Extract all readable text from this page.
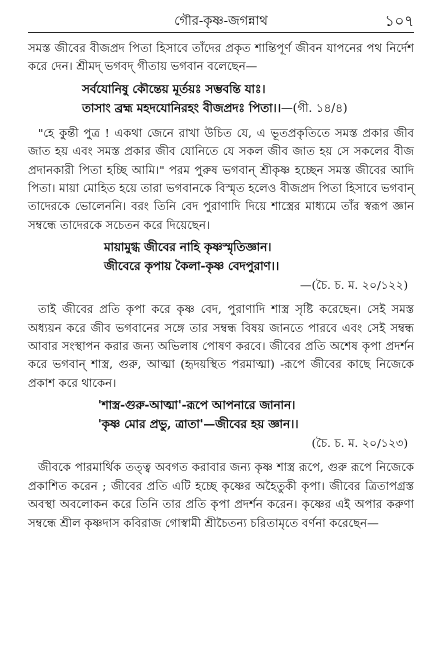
গৌর-কৃষ্ণ-জগন্নাথ	১০৭

সমস্ত জীবের বীজপ্রদ পিতা হিসাবে তাঁদের প্রকৃত শান্তিপূর্ণ জীবন যাপনের পথ নির্দেশ করে দেন। শ্রীমদ্ ভগবদ্ গীতায় ভগবান বলেছেন—

সর্বযোনিষু কৌন্তেয় মূর্তয়ঃ সম্ভবন্তি যাঃ।
তাসাং ব্রহ্ম মহদযোনিরহং বীজপ্রদঃ পিতা।।—(গী. ১৪/৪)

"হে কুন্তী পুত্র ! একথা জেনে রাখা উচিত যে, এ ভূতপ্রকৃতিতে সমস্ত প্রকার জীব জাত হয় এবং সমস্ত প্রকার জীব যোনিতে যে সকল জীব জাত হয় সে সকলের বীজ প্রদানকারী পিতা হচ্ছি আমি।" পরম পুরুষ ভগবান্ শ্রীকৃষ্ণ হচ্ছেন সমস্ত জীবের আদি পিতা। মায়া মোহিত হয়ে তারা ভগবানকে বিস্মৃত হলেও বীজপ্রদ পিতা হিসাবে ভগবান্ তাদেরকে ভোলেননি। বরং তিনি বেদ পুরাণাদি দিয়ে শাস্ত্রের মাধ্যমে তাঁর স্বরূপ জ্ঞান সম্বন্ধে তাদেরকে সচেতন করে দিয়েছেন।

মায়ামুগ্ধ জীবের নাহি কৃষ্ণস্মৃতিজ্ঞান।
জীবেরে কৃপায় কৈলা-কৃষ্ণ বেদপুরাণ।।
—(চৈ. চ. ম. ২০/১২২)

তাই জীবের প্রতি কৃপা করে কৃষ্ণ বেদ, পুরাণাদি শাস্ত্র সৃষ্টি করেছেন। সেই সমস্ত অধ্যয়ন করে জীব ভগবানের সঙ্গে তার সম্বন্ধ বিষয় জানতে পারবে এবং সেই সম্বন্ধ আবার সংস্থাপন করার জন্য অভিলাষ পোষণ করবে। জীবের প্রতি অশেষ কৃপা প্রদর্শন করে ভগবান্ শাস্ত্র, গুরু, আত্মা (হৃদয়স্থিত পরমাত্মা) -রূপে জীবের কাছে নিজেকে প্রকাশ করে থাকেন।

'শাস্ত্র-গুরু-আত্মা'-রূপে আপনারে জানান।
'কৃষ্ণ মোর প্রভু, ত্রাতা'—জীবের হয় জ্ঞান।।
(চৈ. চ. ম. ২০/১২৩)

জীবকে পারমার্থিক তত্ত্ব অবগত করাবার জন্য কৃষ্ণ শাস্ত্র রূপে, গুরু রূপে নিজেকে প্রকাশিত করেন ; জীবের প্রতি এটি হচ্ছে কৃষ্ণের অহৈতুকী কৃপা। জীবের ত্রিতাপগ্রস্ত অবস্থা অবলোকন করে তিনি তার প্রতি কৃপা প্রদর্শন করেন। কৃষ্ণের এই অপার করুণা সম্বন্ধে শ্রীল কৃষ্ণদাস কবিরাজ গোস্বামী শ্রীচৈতন্য চরিতামৃতে বর্ণনা করেছেন—
